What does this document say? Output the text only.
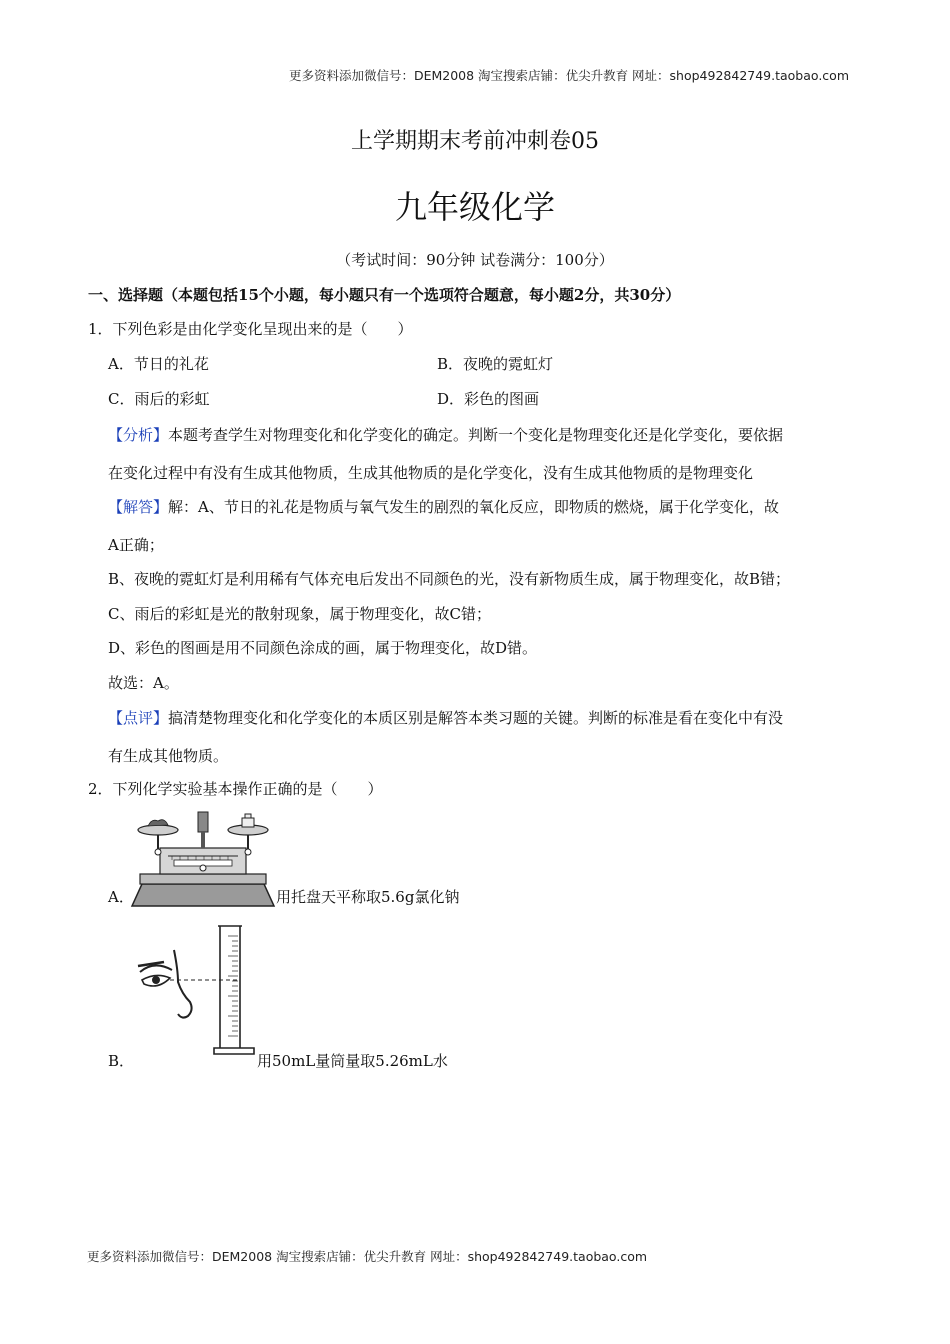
更多资料添加微信号：DEM2008 淘宝搜索店铺：优尖升教育 网址：shop492842749.taobao.com
上学期期末考前冲刺卷05
九年级化学
（考试时间：90分钟 试卷满分：100分）
一、选择题（本题包括15个小题，每小题只有一个选项符合题意，每小题2分，共30分）
1．下列色彩是由化学变化呈现出来的是（　　）
A．节日的礼花	B．夜晚的霓虹灯
C．雨后的彩虹	D．彩色的图画
【分析】本题考查学生对物理变化和化学变化的确定。判断一个变化是物理变化还是化学变化，要依据
在变化过程中有没有生成其他物质，生成其他物质的是化学变化，没有生成其他物质的是物理变化
【解答】解：A、节日的礼花是物质与氧气发生的剧烈的氧化反应，即物质的燃烧，属于化学变化，故
A正确；
B、夜晚的霓虹灯是利用稀有气体充电后发出不同颜色的光，没有新物质生成，属于物理变化，故B错；
C、雨后的彩虹是光的散射现象，属于物理变化，故C错；
D、彩色的图画是用不同颜色涂成的画，属于物理变化，故D错。
故选：A。
【点评】搞清楚物理变化和化学变化的本质区别是解答本类习题的关键。判断的标准是看在变化中有没
有生成其他物质。
2．下列化学实验基本操作正确的是（　　）
A．	用托盘天平称取5.6g氯化钠
B．	用50mL量筒量取5.26mL水
更多资料添加微信号：DEM2008 淘宝搜索店铺：优尖升教育 网址：shop492842749.taobao.com
